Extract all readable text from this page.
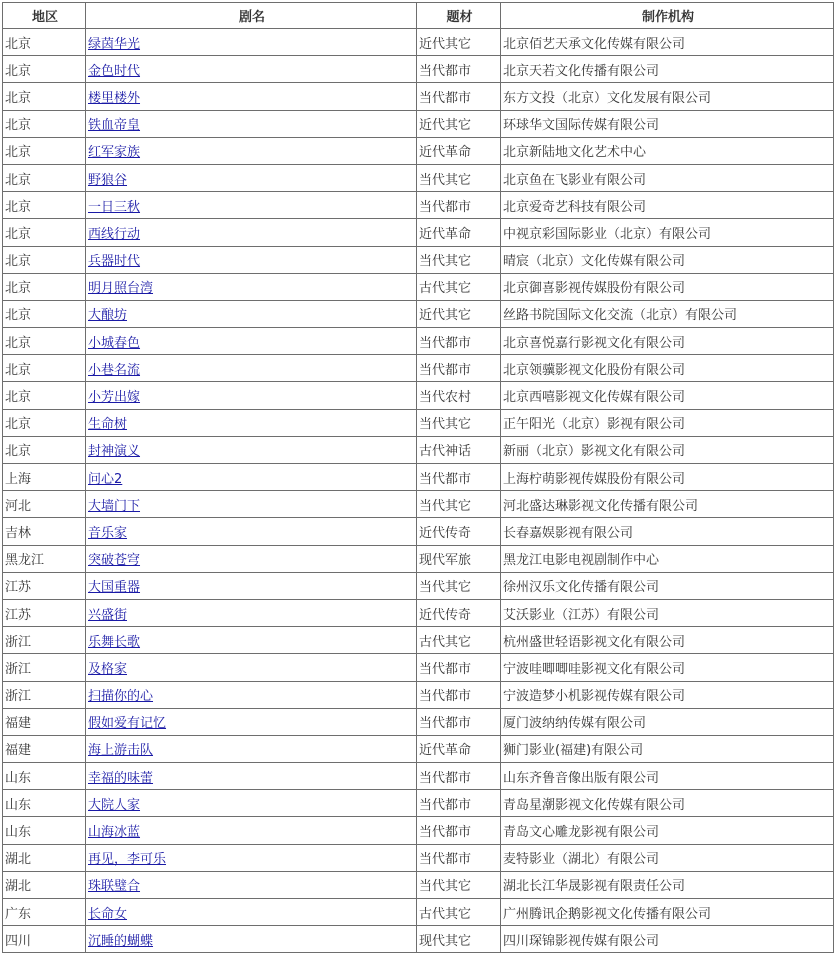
地区	剧名	题材	制作机构
北京	绿茵华光	近代其它	北京佰艺天承文化传媒有限公司
北京	金色时代	当代都市	北京天若文化传播有限公司
北京	楼里楼外	当代都市	东方文投（北京）文化发展有限公司
北京	铁血帝皇	近代其它	环球华文国际传媒有限公司
北京	红军家族	近代革命	北京新陆地文化艺术中心
北京	野狼谷	当代其它	北京鱼在飞影业有限公司
北京	一日三秋	当代都市	北京爱奇艺科技有限公司
北京	西线行动	近代革命	中视京彩国际影业（北京）有限公司
北京	兵器时代	当代其它	晴宸（北京）文化传媒有限公司
北京	明月照台湾	古代其它	北京御喜影视传媒股份有限公司
北京	大酿坊	近代其它	丝路书院国际文化交流（北京）有限公司
北京	小城春色	当代都市	北京喜悦嘉行影视文化有限公司
北京	小巷名流	当代都市	北京领骥影视文化股份有限公司
北京	小芳出嫁	当代农村	北京西嘻影视文化传媒有限公司
北京	生命树	当代其它	正午阳光（北京）影视有限公司
北京	封神演义	古代神话	新丽（北京）影视文化有限公司
上海	问心2	当代都市	上海柠萌影视传媒股份有限公司
河北	大墙门下	当代其它	河北盛达琳影视文化传播有限公司
吉林	音乐家	近代传奇	长春嘉娱影视有限公司
黑龙江	突破苍穹	现代军旅	黑龙江电影电视剧制作中心
江苏	大国重器	当代其它	徐州汉乐文化传播有限公司
江苏	兴盛街	近代传奇	艾沃影业（江苏）有限公司
浙江	乐舞长歌	古代其它	杭州盛世轻语影视文化有限公司
浙江	及格家	当代都市	宁波哇唧唧哇影视文化有限公司
浙江	扫描你的心	当代都市	宁波造梦小机影视传媒有限公司
福建	假如爱有记忆	当代都市	厦门波纳纳传媒有限公司
福建	海上游击队	近代革命	狮门影业(福建)有限公司
山东	幸福的味蕾	当代都市	山东齐鲁音像出版有限公司
山东	大院人家	当代都市	青岛星潮影视文化传媒有限公司
山东	山海冰蓝	当代都市	青岛文心雕龙影视有限公司
湖北	再见，李可乐	当代都市	麦特影业（湖北）有限公司
湖北	珠联璧合	当代其它	湖北长江华晟影视有限责任公司
广东	长命女	古代其它	广州腾讯企鹅影视文化传播有限公司
四川	沉睡的蝴蝶	现代其它	四川琛锦影视传媒有限公司
